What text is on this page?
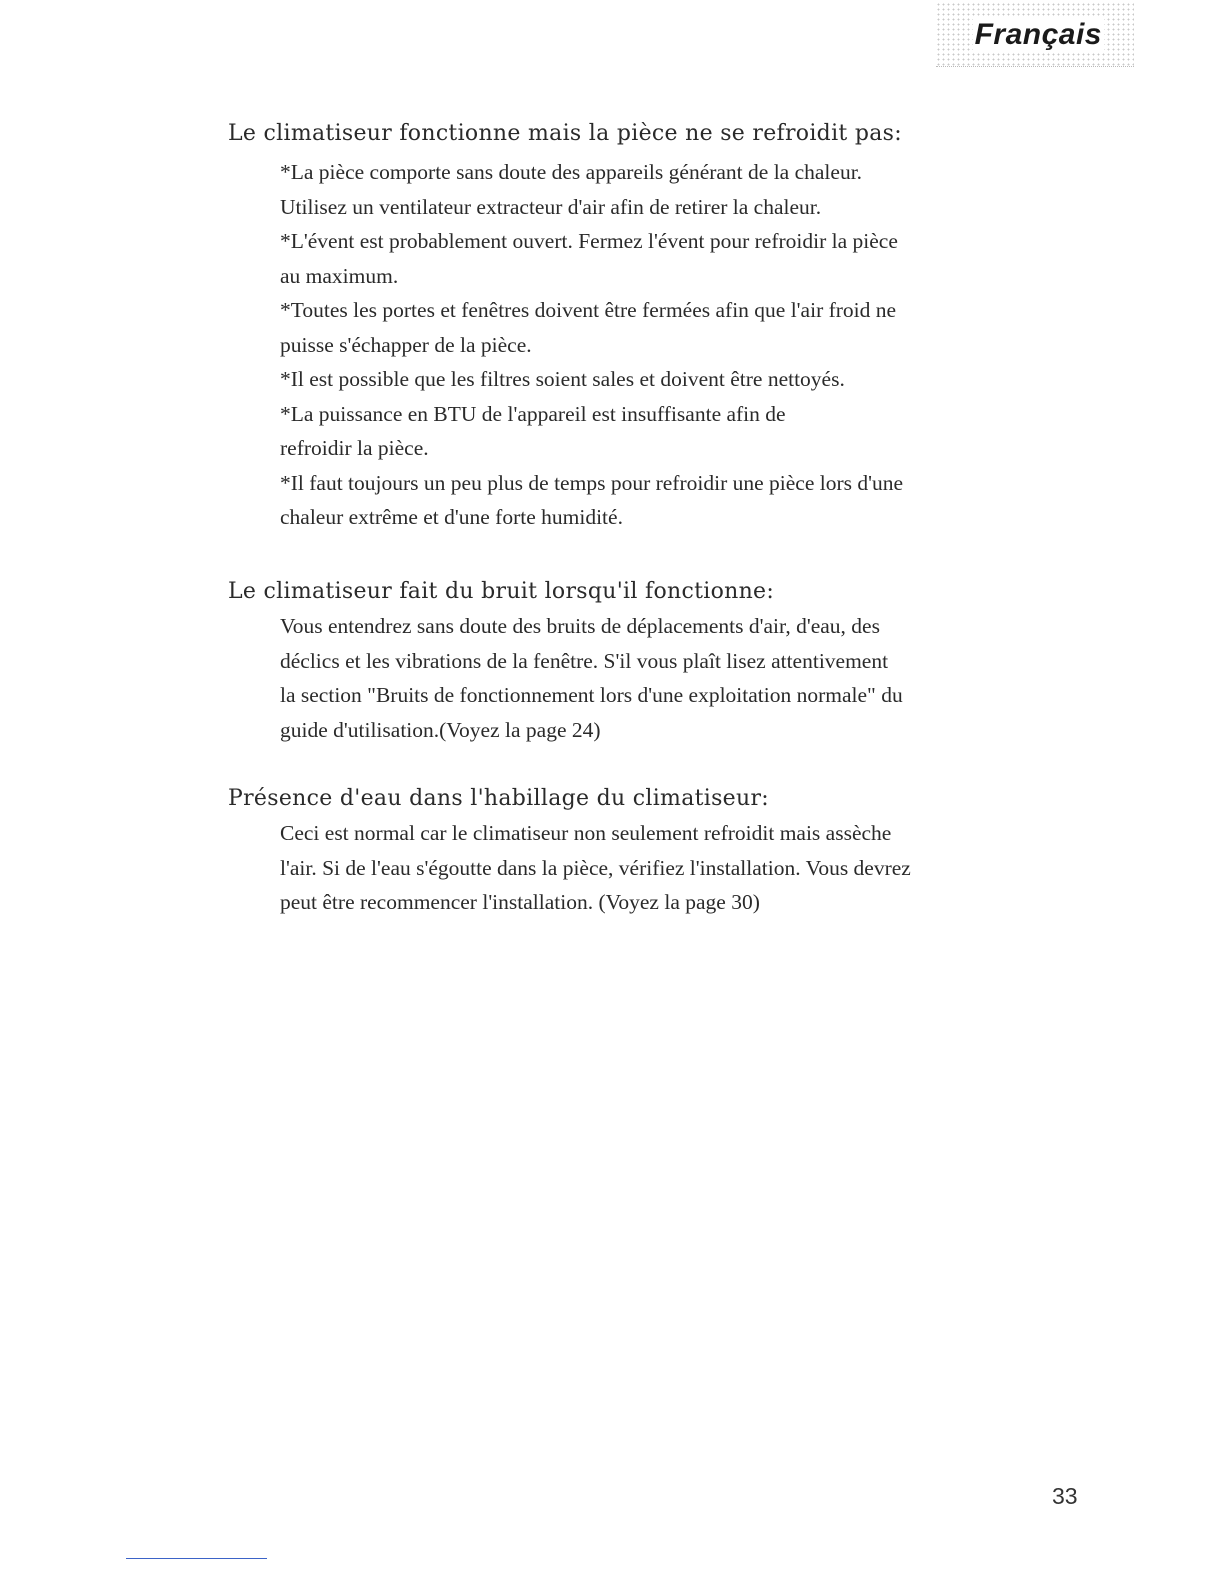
Français
Le climatiseur fonctionne mais la pièce ne se refroidit pas:

*La pièce comporte sans doute des appareils générant de la chaleur.

Utilisez un ventilateur extracteur d'air afin de retirer la chaleur.

*L'évent est probablement ouvert. Fermez l'évent pour refroidir la pièce

au maximum.

*Toutes les portes et fenêtres doivent être fermées afin que l'air froid ne

puisse s'échapper de la pièce.

*Il est possible que les filtres soient sales et doivent être nettoyés.

*La puissance en BTU de l'appareil est insuffisante afin de

refroidir la pièce.

*Il faut toujours un peu plus de temps pour refroidir une pièce lors d'une

chaleur extrême et d'une forte humidité.

Le climatiseur fait du bruit lorsqu'il fonctionne:

Vous entendrez sans doute des bruits de déplacements d'air, d'eau, des

déclics et les vibrations de la fenêtre. S'il vous plaît lisez attentivement

la section "Bruits de fonctionnement lors d'une exploitation normale" du

guide d'utilisation.(Voyez la page 24)

Présence d'eau dans l'habillage du climatiseur:

Ceci est normal car le climatiseur non seulement refroidit mais assèche

l'air. Si de l'eau s'égoutte dans la pièce, vérifiez l'installation. Vous devrez

peut être recommencer l'installation. (Voyez la page 30)

33
